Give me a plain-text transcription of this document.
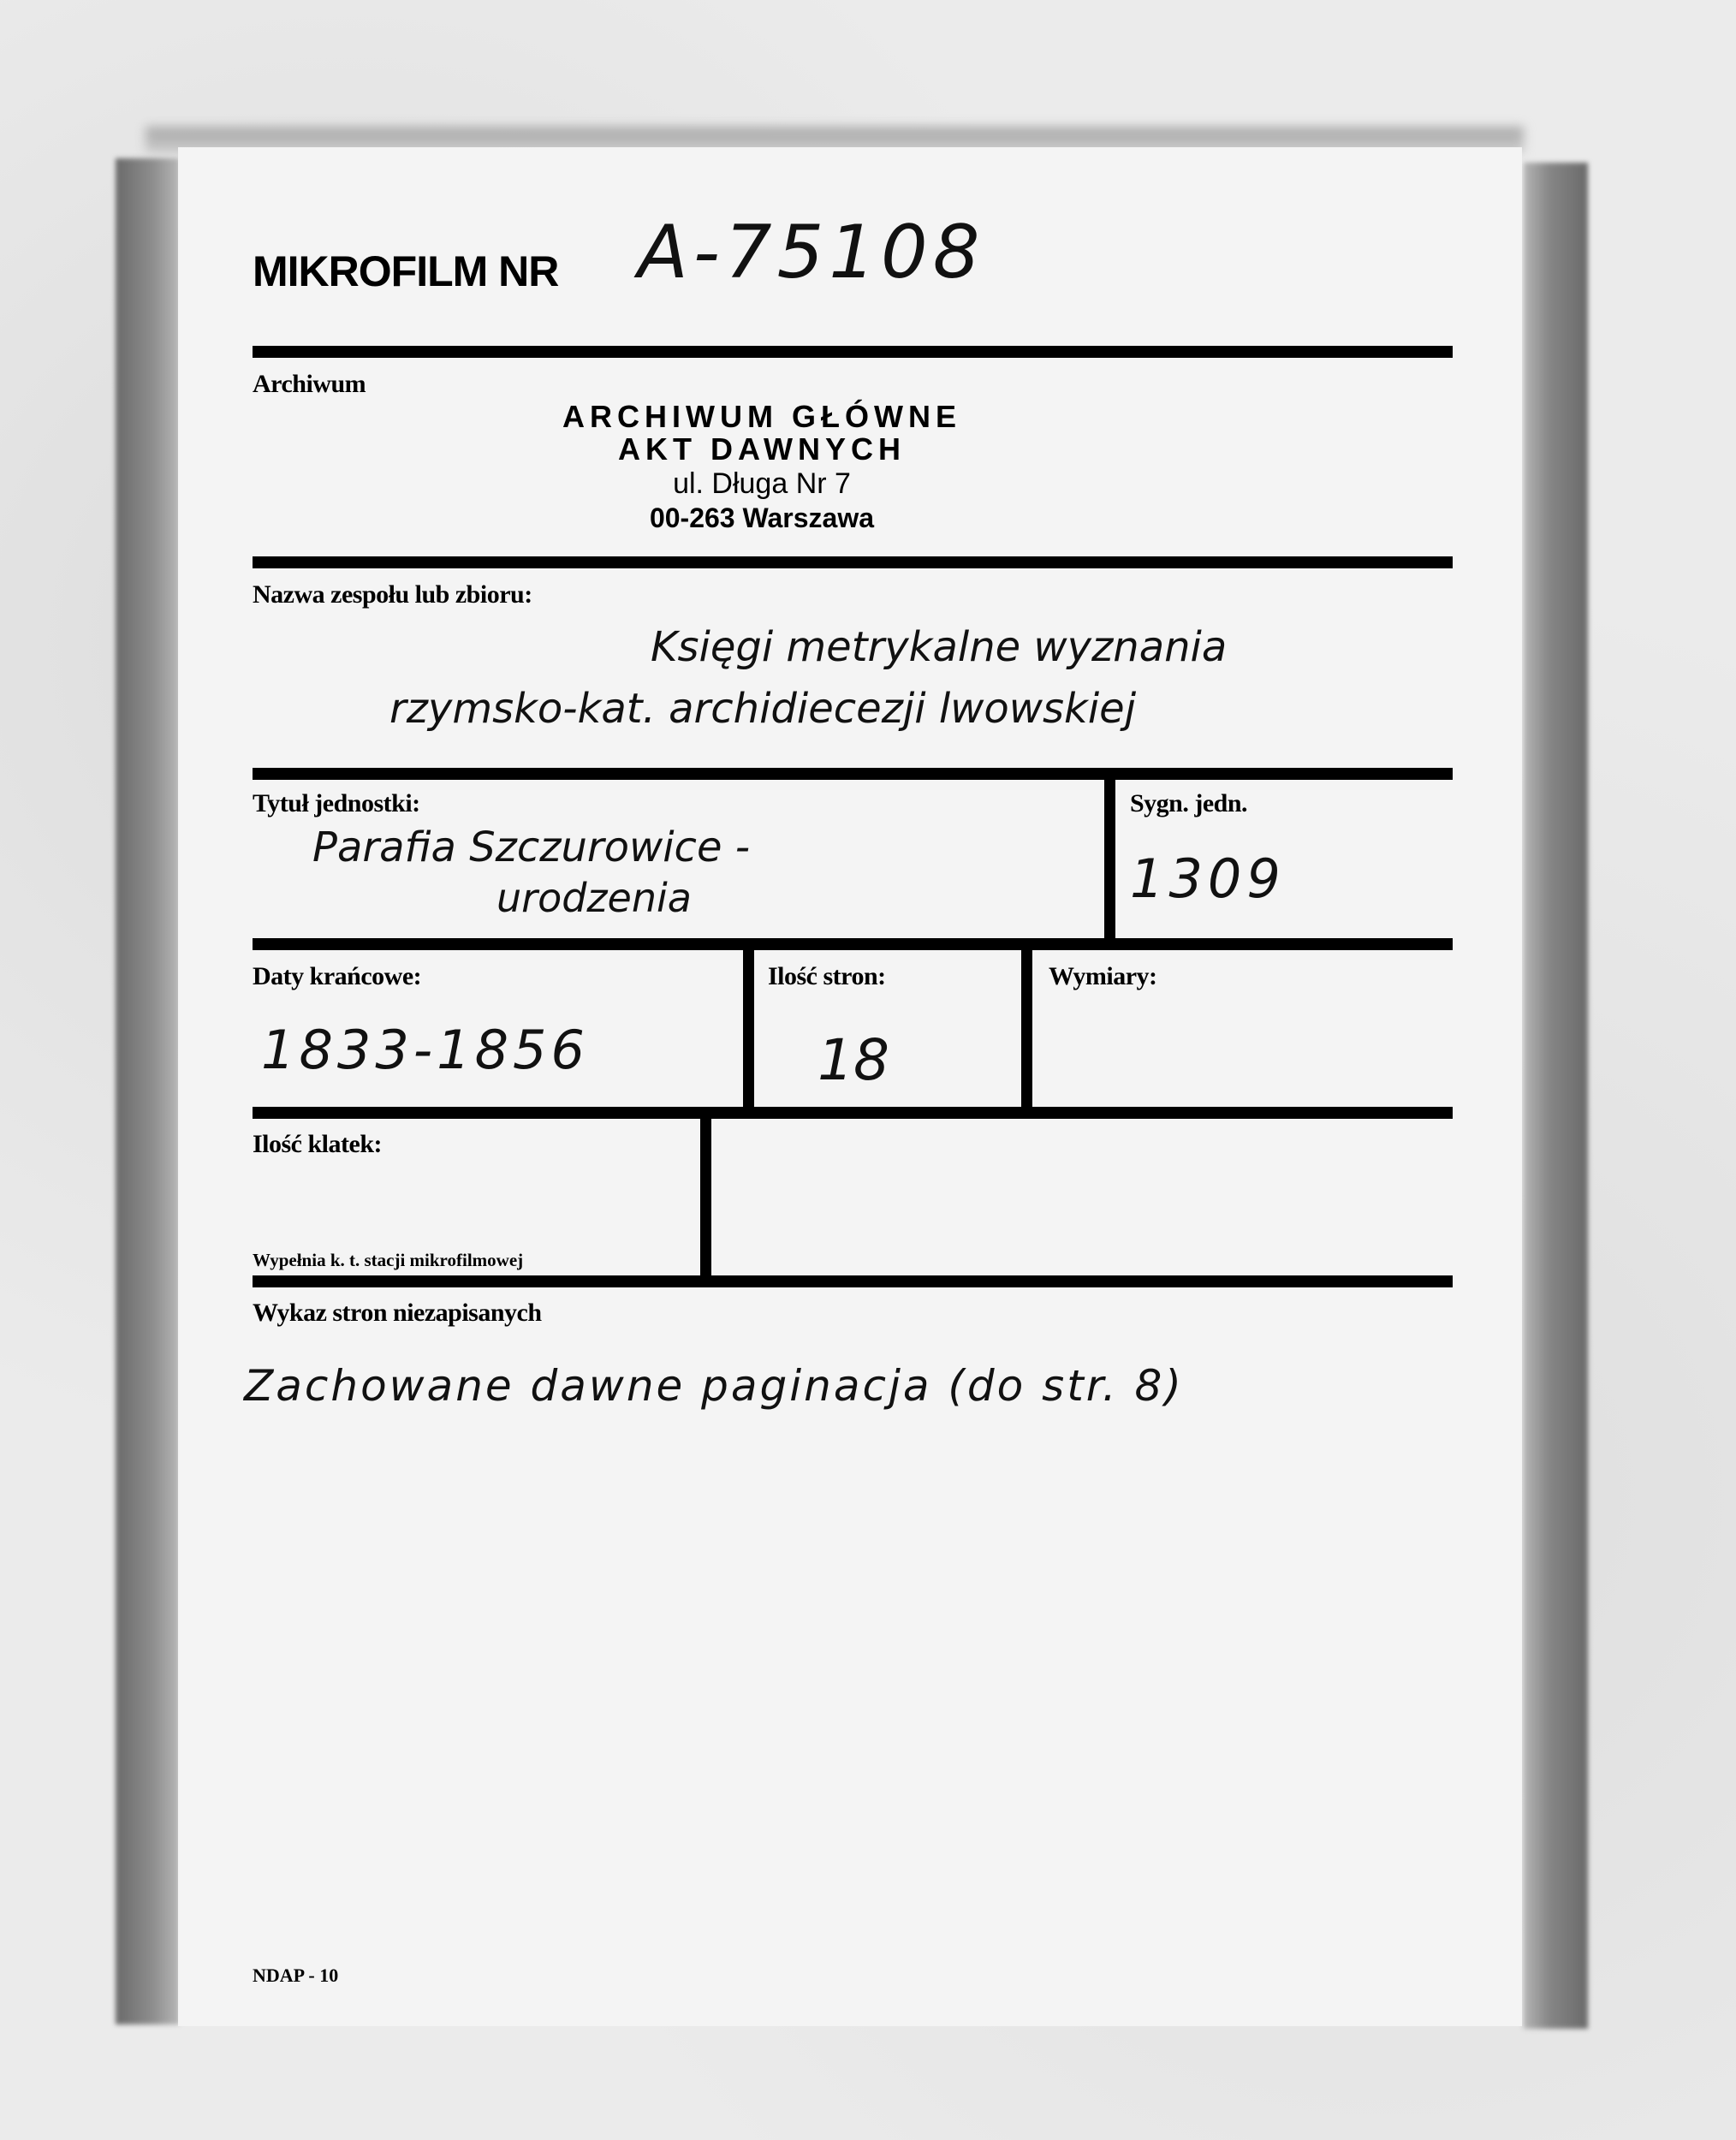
MIKROFILM NR A-75108
Archiwum
ARCHIWUM GŁÓWNE
AKT DAWNYCH
ul. Długa Nr 7
00-263 Warszawa
Nazwa zespołu lub zbioru:
Księgi metrykalne wyznania
rzymsko-kat. archidiecezji lwowskiej
Tytuł jednostki:
Parafia Szczurowice -
urodzenia
Sygn. jedn.
1309
Daty krańcowe:
1833-1856
Ilość stron:
18
Wymiary:
Ilość klatek:
Wypełnia k. t. stacji mikrofilmowej
Wykaz stron niezapisanych
Zachowane dawne paginacja (do str. 8)
NDAP - 10
